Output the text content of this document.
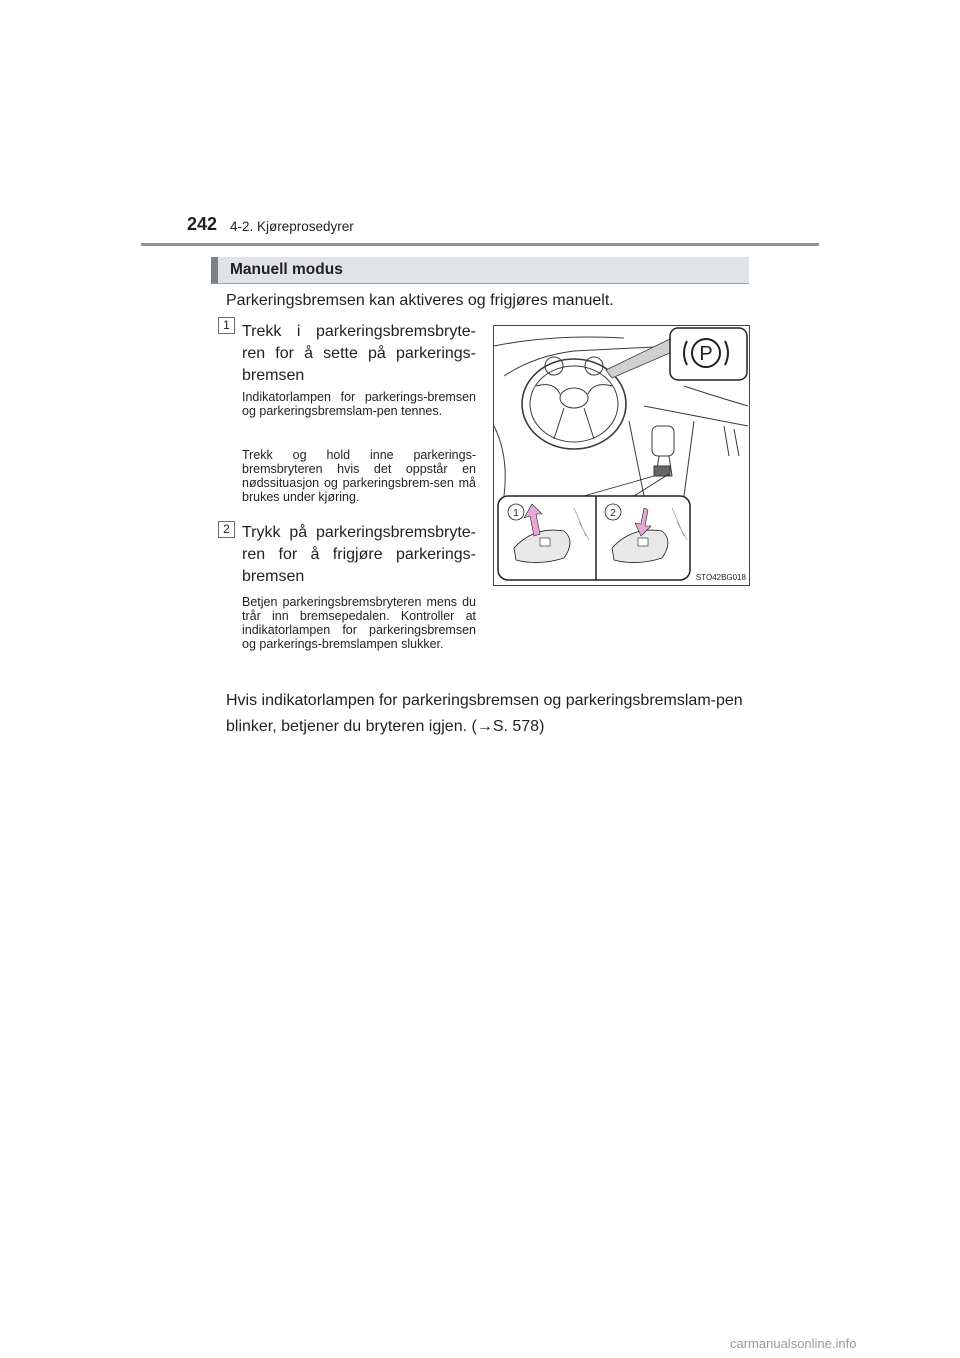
242 4-2. Kjøreprosedyrer
Manuell modus
Parkeringsbremsen kan aktiveres og frigjøres manuelt.
1 Trekk i parkeringsbremsbryte-ren for å sette på parkerings-bremsen
Indikatorlampen for parkerings-bremsen og parkeringsbremslam-pen tennes.
Trekk og hold inne parkerings-bremsbryteren hvis det oppstår en nødssituasjon og parkeringsbrem-sen må brukes under kjøring.
2 Trykk på parkeringsbremsbryte-ren for å frigjøre parkerings-bremsen
Betjen parkeringsbremsbryteren mens du trår inn bremsepedalen. Kontroller at indikatorlampen for parkeringsbremsen og parkerings-bremslampen slukker.
Hvis indikatorlampen for parkeringsbremsen og parkeringsbremslam-pen blinker, betjener du bryteren igjen. (→S. 578)
P
1	2
STO42BG018
carmanualsonline.info
